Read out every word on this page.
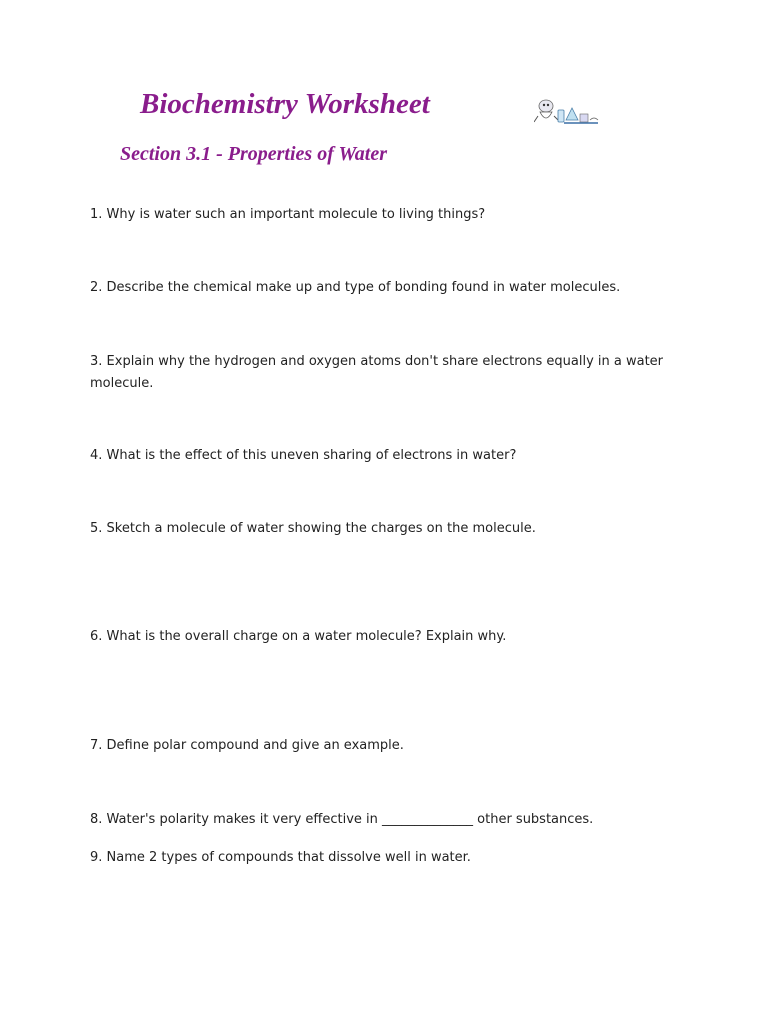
Biochemistry Worksheet
Section 3.1 - Properties of Water

1. Why is water such an important molecule to living things?

2. Describe the chemical make up and type of bonding found in water molecules.

3. Explain why the hydrogen and oxygen atoms don't share electrons equally in a water molecule.

4. What is the effect of this uneven sharing of electrons in water?

5. Sketch a molecule of water showing the charges on the molecule.

6. What is the overall charge on a water molecule? Explain why.

7. Define polar compound and give an example.

8. Water's polarity makes it very effective in ______________ other substances.

9. Name 2 types of compounds that dissolve well in water.
